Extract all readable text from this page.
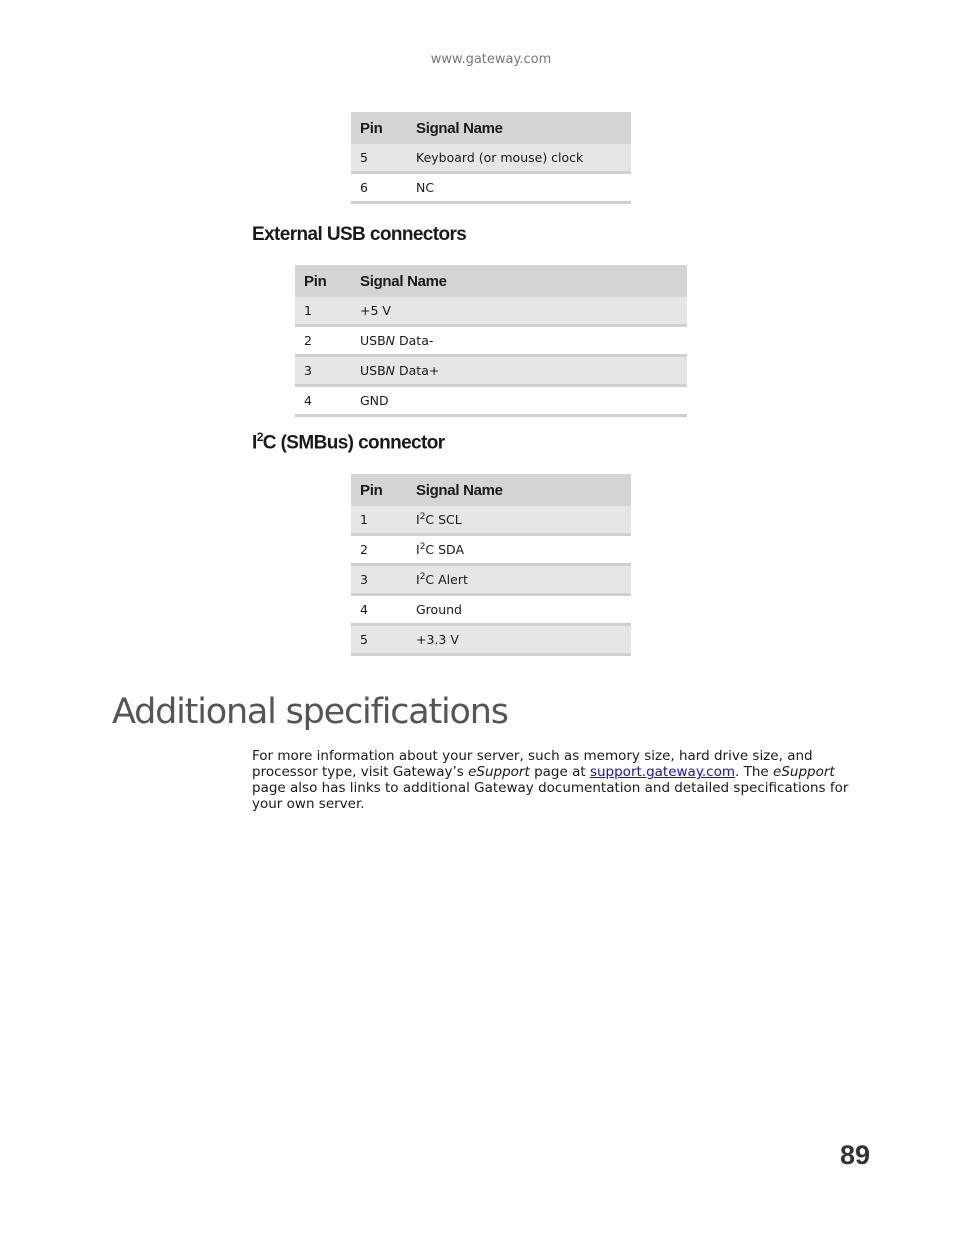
www.gateway.com
Pin	Signal Name
5	Keyboard (or mouse) clock
6	NC
External USB connectors
Pin	Signal Name
1	+5 V
2	USBN Data-
3	USBN Data+
4	GND
$I^2C$ (SMBus) connector
Pin	Signal Name
1	$I^2C$ SCL
2	$I^2C$ SDA
3	$I^2C$ Alert
4	Ground
5	+3.3 V
Additional specifications

For more information about your server, such as memory size, hard drive size, and processor type, visit Gateway’s eSupport page at support.gateway.com. The eSupport page also has links to additional Gateway documentation and detailed specifications for your own server.

89
